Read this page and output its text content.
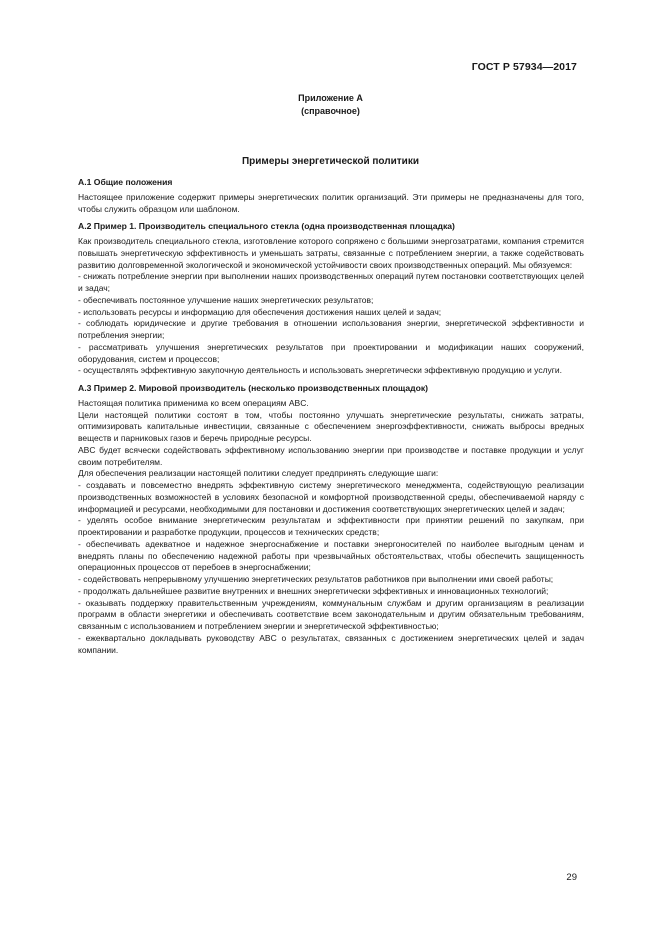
ГОСТ Р 57934—2017
Приложение А
(справочное)
Примеры энергетической политики
А.1 Общие положения

Настоящее приложение содержит примеры энергетических политик организаций. Эти примеры не предназначены для того, чтобы служить образцом или шаблоном.

А.2 Пример 1. Производитель специального стекла (одна производственная площадка)

Как производитель специального стекла, изготовление которого сопряжено с большими энергозатратами, компания стремится повышать энергетическую эффективность и уменьшать затраты, связанные с потреблением энергии, а также содействовать развитию долговременной экологической и экономической устойчивости своих производственных операций. Мы обязуемся:

- снижать потребление энергии при выполнении наших производственных операций путем постановки соответствующих целей и задач;

- обеспечивать постоянное улучшение наших энергетических результатов;

- использовать ресурсы и информацию для обеспечения достижения наших целей и задач;

- соблюдать юридические и другие требования в отношении использования энергии, энергетической эффективности и потребления энергии;

- рассматривать улучшения энергетических результатов при проектировании и модификации наших сооружений, оборудования, систем и процессов;

- осуществлять эффективную закупочную деятельность и использовать энергетически эффективную продукцию и услуги.

А.3 Пример 2. Мировой производитель (несколько производственных площадок)

Настоящая политика применима ко всем операциям ABC.

Цели настоящей политики состоят в том, чтобы постоянно улучшать энергетические результаты, снижать затраты, оптимизировать капитальные инвестиции, связанные с обеспечением энергоэффективности, снижать выбросы вредных веществ и парниковых газов и беречь природные ресурсы.

ABC будет всячески содействовать эффективному использованию энергии при производстве и поставке продукции и услуг своим потребителям.

Для обеспечения реализации настоящей политики следует предпринять следующие шаги:

- создавать и повсеместно внедрять эффективную систему энергетического менеджмента, содействующую реализации производственных возможностей в условиях безопасной и комфортной производственной среды, обеспечиваемой наряду с информацией и ресурсами, необходимыми для постановки и достижения соответствующих энергетических целей и задач;

- уделять особое внимание энергетическим результатам и эффективности при принятии решений по закупкам, при проектировании и разработке продукции, процессов и технических средств;

- обеспечивать адекватное и надежное энергоснабжение и поставки энергоносителей по наиболее выгодным ценам и внедрять планы по обеспечению надежной работы при чрезвычайных обстоятельствах, чтобы обеспечить защищенность операционных процессов от перебоев в энергоснабжении;

- содействовать непрерывному улучшению энергетических результатов работников при выполнении ими своей работы;

- продолжать дальнейшее развитие внутренних и внешних энергетически эффективных и инновационных технологий;

- оказывать поддержку правительственным учреждениям, коммунальным службам и другим организациям в реализации программ в области энергетики и обеспечивать соответствие всем законодательным и другим обязательным требованиям, связанным с использованием и потреблением энергии и энергетической эффективностью;

- ежеквартально докладывать руководству ABC о результатах, связанных с достижением энергетических целей и задач компании.

29
